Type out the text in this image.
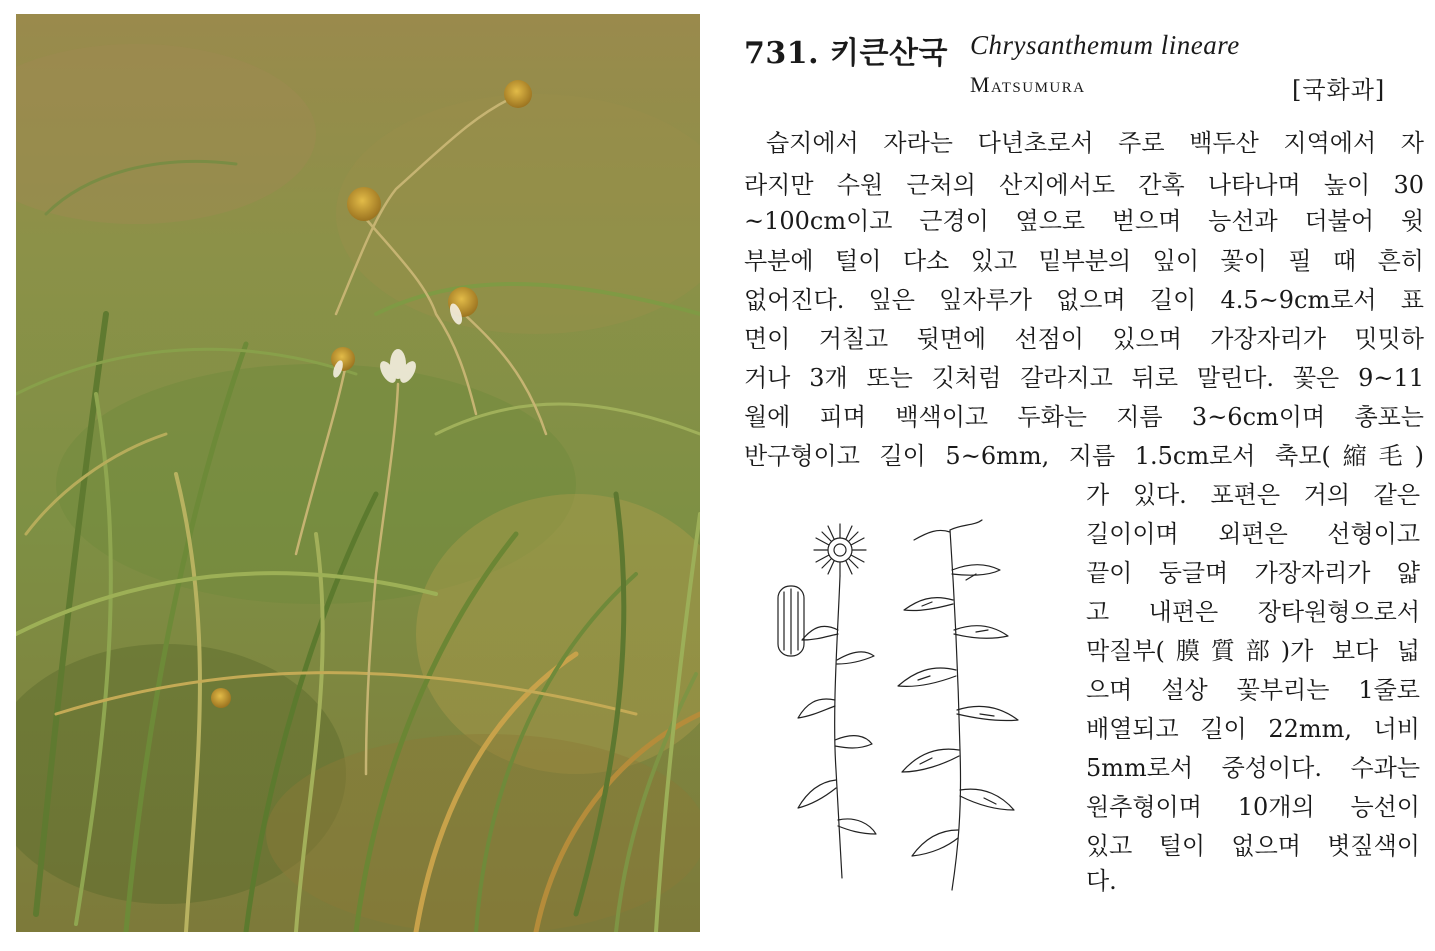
731. 키큰산국 Chrysanthemum lineare
Matsumura	[국화과]
습지에서 자라는 다년초로서 주로 백두산 지역에서 자
라지만 수원 근처의 산지에서도 간혹 나타나며 높이 30
~100cm이고 근경이 옆으로 벋으며 능선과 더불어 윗
부분에 털이 다소 있고 밑부분의 잎이 꽃이 필 때 흔히
없어진다. 잎은 잎자루가 없으며 길이 4.5~9cm로서 표
면이 거칠고 뒷면에 선점이 있으며 가장자리가 밋밋하
거나 3개 또는 깃처럼 갈라지고 뒤로 말린다. 꽃은 9~11
월에 피며 백색이고 두화는 지름 3~6cm이며 총포는
반구형이고 길이 5~6mm, 지름 1.5cm로서 축모(縮毛)
가 있다. 포편은 거의 같은
길이이며 외편은 선형이고
끝이 둥글며 가장자리가 얇
고 내편은 장타원형으로서
막질부(膜質部)가 보다 넓
으며 설상 꽃부리는 1줄로
배열되고 길이 22mm, 너비
5mm로서 중성이다. 수과는
원추형이며 10개의 능선이
있고 털이 없으며 볏짚색이
다.
